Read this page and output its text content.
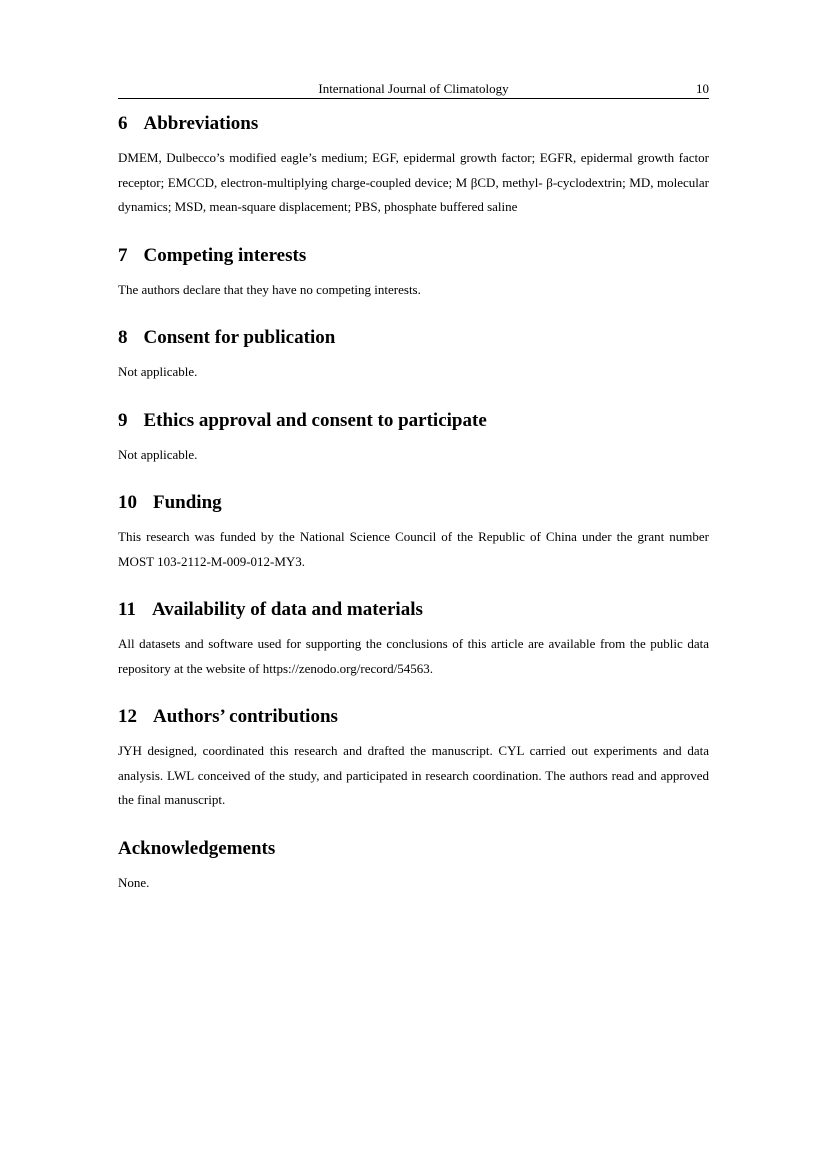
International Journal of Climatology	10
6 Abbreviations

DMEM, Dulbecco’s modified eagle’s medium; EGF, epidermal growth factor; EGFR, epidermal growth factor receptor; EMCCD, electron-multiplying charge-coupled device; M βCD, methyl- β-cyclodextrin; MD, molecular dynamics; MSD, mean-square displacement; PBS, phosphate buffered saline

7 Competing interests

The authors declare that they have no competing interests.

8 Consent for publication

Not applicable.

9 Ethics approval and consent to participate

Not applicable.

10 Funding

This research was funded by the National Science Council of the Republic of China under the grant number MOST 103-2112-M-009-012-MY3.

11 Availability of data and materials

All datasets and software used for supporting the conclusions of this article are available from the public data repository at the website of https://zenodo.org/record/54563.

12 Authors’ contributions

JYH designed, coordinated this research and drafted the manuscript. CYL carried out experiments and data analysis. LWL conceived of the study, and participated in research coordination. The authors read and approved the final manuscript.

Acknowledgements

None.
